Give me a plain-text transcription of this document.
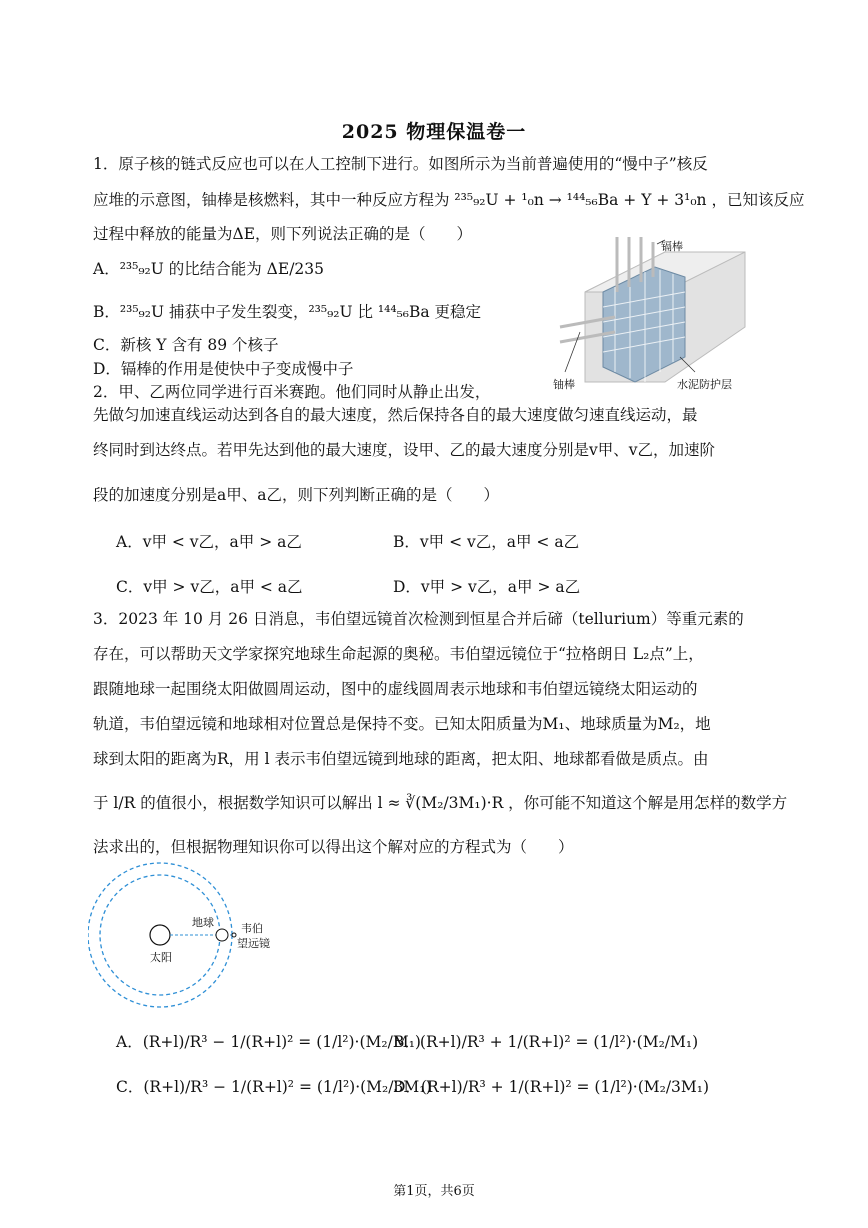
2025 物理保温卷一
1．原子核的链式反应也可以在人工控制下进行。如图所示为当前普遍使用的“慢中子”核反
应堆的示意图，铀棒是核燃料，其中一种反应方程为 ²³⁵₉₂U + ¹₀n → ¹⁴⁴₅₆Ba + Y + 3¹₀n ，已知该反应
过程中释放的能量为ΔE，则下列说法正确的是（　　）
A．²³⁵₉₂U 的比结合能为 ΔE/235
B．²³⁵₉₂U 捕获中子发生裂变，²³⁵₉₂U 比 ¹⁴⁴₅₆Ba 更稳定
C．新核 Y 含有 89 个核子
D．镉棒的作用是使快中子变成慢中子
镉棒
铀棒	水泥防护层
2．甲、乙两位同学进行百米赛跑。他们同时从静止出发，
先做匀加速直线运动达到各自的最大速度，然后保持各自的最大速度做匀速直线运动，最
终同时到达终点。若甲先达到他的最大速度，设甲、乙的最大速度分别是v甲、v乙，加速阶
段的加速度分别是a甲、a乙，则下列判断正确的是（　　）
A．v甲 < v乙，a甲 > a乙	B．v甲 < v乙，a甲 < a乙
C．v甲 > v乙，a甲 < a乙	D．v甲 > v乙，a甲 > a乙
3．2023 年 10 月 26 日消息，韦伯望远镜首次检测到恒星合并后碲（tellurium）等重元素的
存在，可以帮助天文学家探究地球生命起源的奥秘。韦伯望远镜位于“拉格朗日 L₂点”上，
跟随地球一起围绕太阳做圆周运动，图中的虚线圆周表示地球和韦伯望远镜绕太阳运动的
轨道，韦伯望远镜和地球相对位置总是保持不变。已知太阳质量为M₁、地球质量为M₂，地
球到太阳的距离为R，用 l 表示韦伯望远镜到地球的距离，把太阳、地球都看做是质点。由
于 l/R 的值很小，根据数学知识可以解出 l ≈ ∛(M₂/3M₁)·R ，你可能不知道这个解是用怎样的数学方
法求出的，但根据物理知识你可以得出这个解对应的方程式为（　　）
地球
太阳
韦伯
望远镜
A．(R+l)/R³ − 1/(R+l)² = (1/l²)·(M₂/M₁)
B．(R+l)/R³ + 1/(R+l)² = (1/l²)·(M₂/M₁)
C．(R+l)/R³ − 1/(R+l)² = (1/l²)·(M₂/3M₁)
D．(R+l)/R³ + 1/(R+l)² = (1/l²)·(M₂/3M₁)
第1页，共6页
